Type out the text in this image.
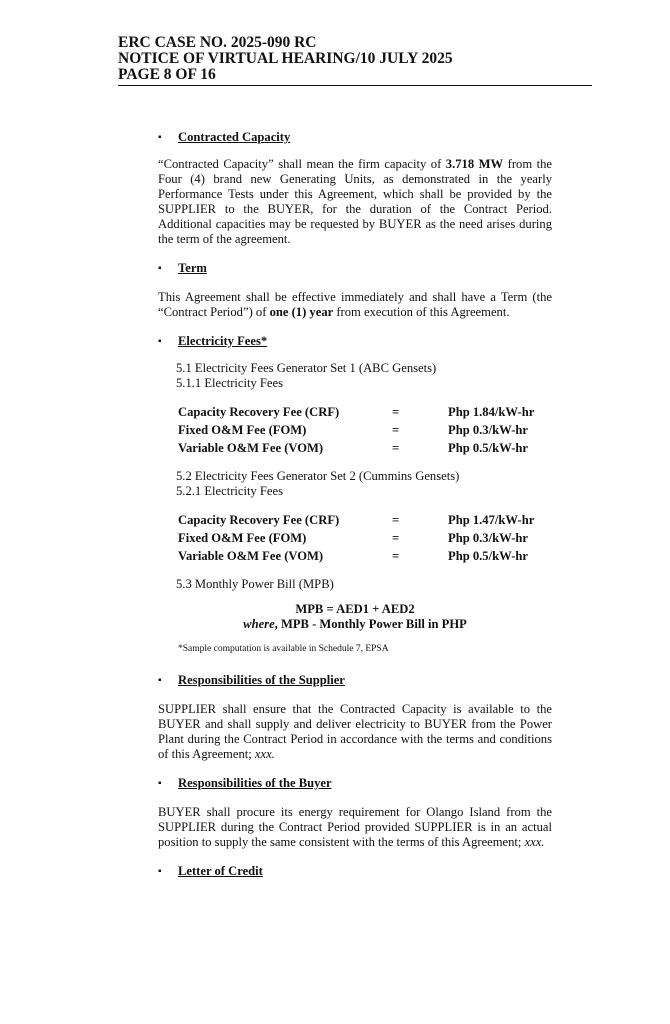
ERC CASE NO. 2025-090 RC
NOTICE OF VIRTUAL HEARING/10 JULY 2025
PAGE 8 OF 16
▪ Contracted Capacity
“Contracted Capacity” shall mean the firm capacity of 3.718 MW from the Four (4) brand new Generating Units, as demonstrated in the yearly Performance Tests under this Agreement, which shall be provided by the SUPPLIER to the BUYER, for the duration of the Contract Period. Additional capacities may be requested by BUYER as the need arises during the term of the agreement.
▪ Term
This Agreement shall be effective immediately and shall have a Term (the “Contract Period”) of one (1) year from execution of this Agreement.
▪ Electricity Fees*
5.1 Electricity Fees Generator Set 1 (ABC Gensets)
5.1.1 Electricity Fees
Capacity Recovery Fee (CRF)	=	Php 1.84/kW-hr
Fixed O&M Fee (FOM)	=	Php 0.3/kW-hr
Variable O&M Fee (VOM)	=	Php 0.5/kW-hr
5.2 Electricity Fees Generator Set 2 (Cummins Gensets)
5.2.1 Electricity Fees
Capacity Recovery Fee (CRF)	=	Php 1.47/kW-hr
Fixed O&M Fee (FOM)	=	Php 0.3/kW-hr
Variable O&M Fee (VOM)	=	Php 0.5/kW-hr
5.3 Monthly Power Bill (MPB)
MPB = AED1 + AED2
where, MPB - Monthly Power Bill in PHP
*Sample computation is available in Schedule 7, EPSA
▪ Responsibilities of the Supplier
SUPPLIER shall ensure that the Contracted Capacity is available to the BUYER and shall supply and deliver electricity to BUYER from the Power Plant during the Contract Period in accordance with the terms and conditions of this Agreement; xxx.
▪ Responsibilities of the Buyer
BUYER shall procure its energy requirement for Olango Island from the SUPPLIER during the Contract Period provided SUPPLIER is in an actual position to supply the same consistent with the terms of this Agreement; xxx.
▪ Letter of Credit
